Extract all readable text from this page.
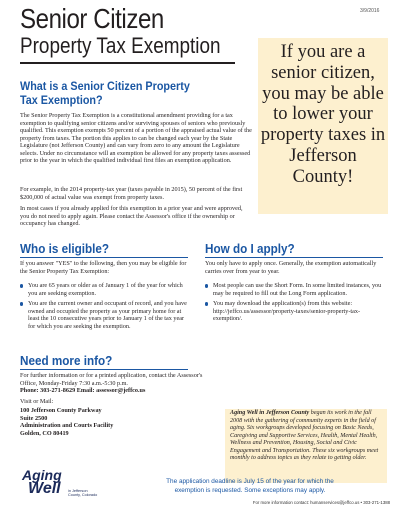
Senior Citizen
Property Tax Exemption
3/9/2016
If you are a senior citizen, you may be able to lower your property taxes in Jefferson County!
What is a Senior Citizen Property
Tax Exemption?
The Senior Property Tax Exemption is a constitutional amendment providing for a tax exemption to qualifying senior citizens and/or surviving spouses of seniors who previously qualified. This exemption exempts 50 percent of a portion of the appraised actual value of the property from taxes. The portion this applies to can be changed each year by the State Legislature (not Jefferson County) and can vary from zero to any amount the Legislature selects. Under no circumstance will an exemption be allowed for any property taxes assessed prior to the year in which the qualified individual first files an exemption application.
For example, in the 2014 property-tax year (taxes payable in 2015), 50 percent of the first $200,000 of actual value was exempt from property taxes.
In most cases if you already applied for this exemption in a prior year and were approved, you do not need to apply again. Please contact the Assessor's office if the ownership or occupancy has changed.
Who is eligible?
If you answer "YES" to the following, then you may be eligible for the Senior Property Tax Exemption:
You are 65 years or older as of January 1 of the year for which you are seeking exemption.
You are the current owner and occupant of record, and you have owned and occupied the property as your primary home for at least the 10 consecutive years prior to January 1 of the tax year for which you are seeking the exemption.
How do I apply?
You only have to apply once. Generally, the exemption automatically carries over from year to year.
Most people can use the Short Form. In some limited instances, you may be required to fill out the Long Form application.
You may download the application(s) from this website: http://jeffco.us/assessor/property-taxes/senior-property-tax-exemption/.
Need more info?
For further information or for a printed application, contact the Assessor's Office, Monday-Friday 7:30 a.m.-5:30 p.m.
Phone: 303-271-8629 Email: assessor@jeffco.us
Visit or Mail:
100 Jefferson County Parkway
Suite 2500
Administration and Courts Facility
Golden, CO 80419
Aging Well in Jefferson County began its work in the fall 2008 with the gathering of community experts in the field of aging. Six workgroups developed focusing on Basic Needs, Caregiving and Supportive Services, Health, Mental Health, Wellness and Prevention, Housing, Social and Civic Engagement and Transportation. These six workgroups meet monthly to address topics as they relate to getting older.
The application deadline is July 15 of the year for which the
exemption is requested. Some exceptions may apply.
Aging
Well in Jefferson
County, Colorado
For more information contact: humanservices@jeffco.us • 303-271-1388
